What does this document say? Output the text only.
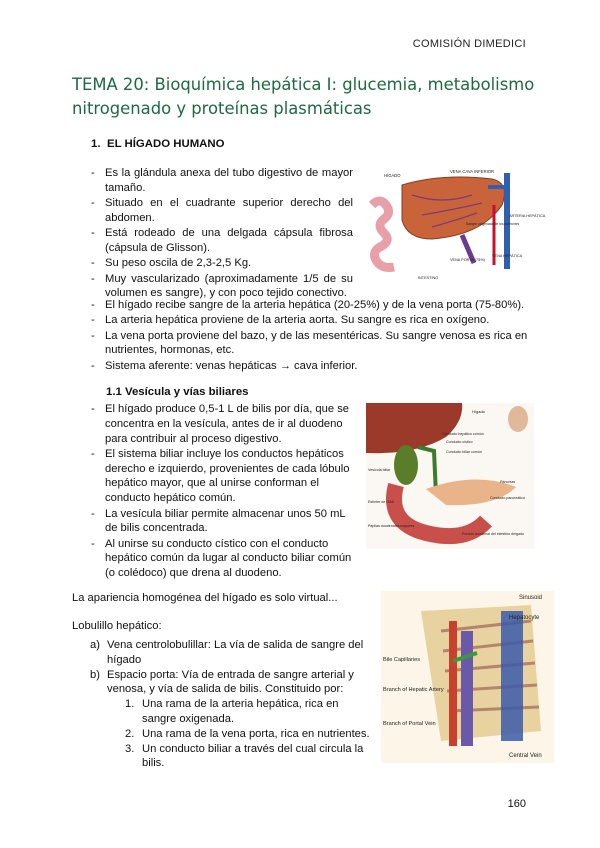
COMISIÓN DIMEDICI
TEMA 20: Bioquímica hepática I: glucemia, metabolismo nitrogenado y proteínas plasmáticas
1. EL HÍGADO HUMANO
- Es la glándula anexa del tubo digestivo de mayor tamaño.
- Situado en el cuadrante superior derecho del abdomen.
- Está rodeado de una delgada cápsula fibrosa (cápsula de Glisson).
- Su peso oscila de 2,3-2,5 Kg.
- Muy vascularizado (aproximadamente 1/5 de su volumen es sangre), y con poco tejido conectivo.
- El hígado recibe sangre de la arteria hepática (20-25%) y de la vena porta (75-80%).
- La arteria hepática proviene de la arteria aorta. Su sangre es rica en oxígeno.
- La vena porta proviene del bazo, y de las mesentéricas. Su sangre venosa es rica en nutrientes, hormonas, etc.
- Sistema aferente: venas hepáticas → cava inferior.
1.1 Vesícula y vías biliares
- El hígado produce 0,5-1 L de bilis por día, que se concentra en la vesícula, antes de ir al duodeno para contribuir al proceso digestivo.
- El sistema biliar incluye los conductos hepáticos derecho e izquierdo, provenientes de cada lóbulo hepático mayor, que al unirse conforman el conducto hepático común.
- La vesícula biliar permite almacenar unos 50 mL de bilis concentrada.
- Al unirse su conducto cístico con el conducto hepático común da lugar al conducto biliar común (o colédoco) que drena al duodeno.
La apariencia homogénea del hígado es solo virtual...
Lobulillo hepático:
a) Vena centrolobulillar: La vía de salida de sangre del hígado
b) Espacio porta: Vía de entrada de sangre arterial y venosa, y vía de salida de bilis. Constituido por:
1. Una rama de la arteria hepática, rica en sangre oxigenada.
2. Una rama de la vena porta, rica en nutrientes.
3. Un conducto biliar a través del cual circula la bilis.
HÍGADO
VENA CAVA INFERIOR
Sangre oxigenada de los pulmones
ARTERIA HEPÁTICA
VENA HEPÁTICA
VENA PORTA (75%)
INTESTINO
Hígado
Conducto hepático común
Conducto cístico
Conducto biliar común
Vesícula biliar
Páncreas
Esfínter de Oddi
Conducto pancreático
Papilas duodenales mayores
Porción duodenal del intestino delgado
Sinusoid
Hepatocyte
Bile Capillaries
Branch of Hepatic Artery
Branch of Portal Vein
Central Vein
160
